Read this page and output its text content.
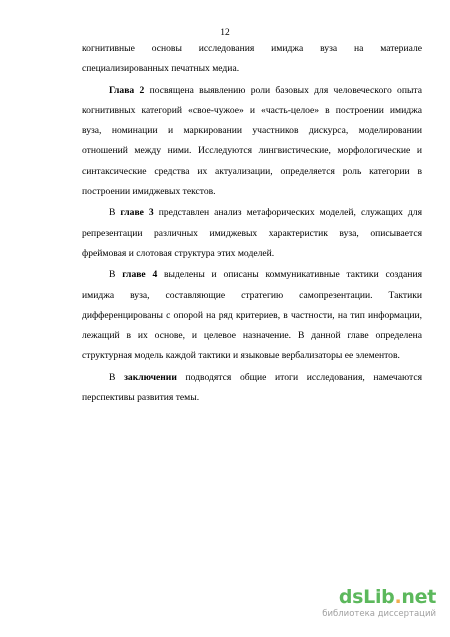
12
когнитивные основы исследования имиджа вуза на материале
специализированных печатных медиа.
Глава 2 посвящена выявлению роли базовых для человеческого опыта
когнитивных категорий «свое-чужое» и «часть-целое» в построении имиджа
вуза, номинации и маркировании участников дискурса, моделировании
отношений между ними. Исследуются лингвистические, морфологические и
синтаксические средства их актуализации, определяется роль категории в
построении имиджевых текстов.
В главе 3 представлен анализ метафорических моделей, служащих для
репрезентации различных имиджевых характеристик вуза, описывается
фреймовая и слотовая структура этих моделей.
В главе 4 выделены и описаны коммуникативные тактики создания
имиджа вуза, составляющие стратегию самопрезентации. Тактики
дифференцированы с опорой на ряд критериев, в частности, на тип информации,
лежащий в их основе, и целевое назначение. В данной главе определена
структурная модель каждой тактики и языковые вербализаторы ее элементов.
В заключении подводятся общие итоги исследования, намечаются
перспективы развития темы.
dsLib.net
библиотека диссертаций
